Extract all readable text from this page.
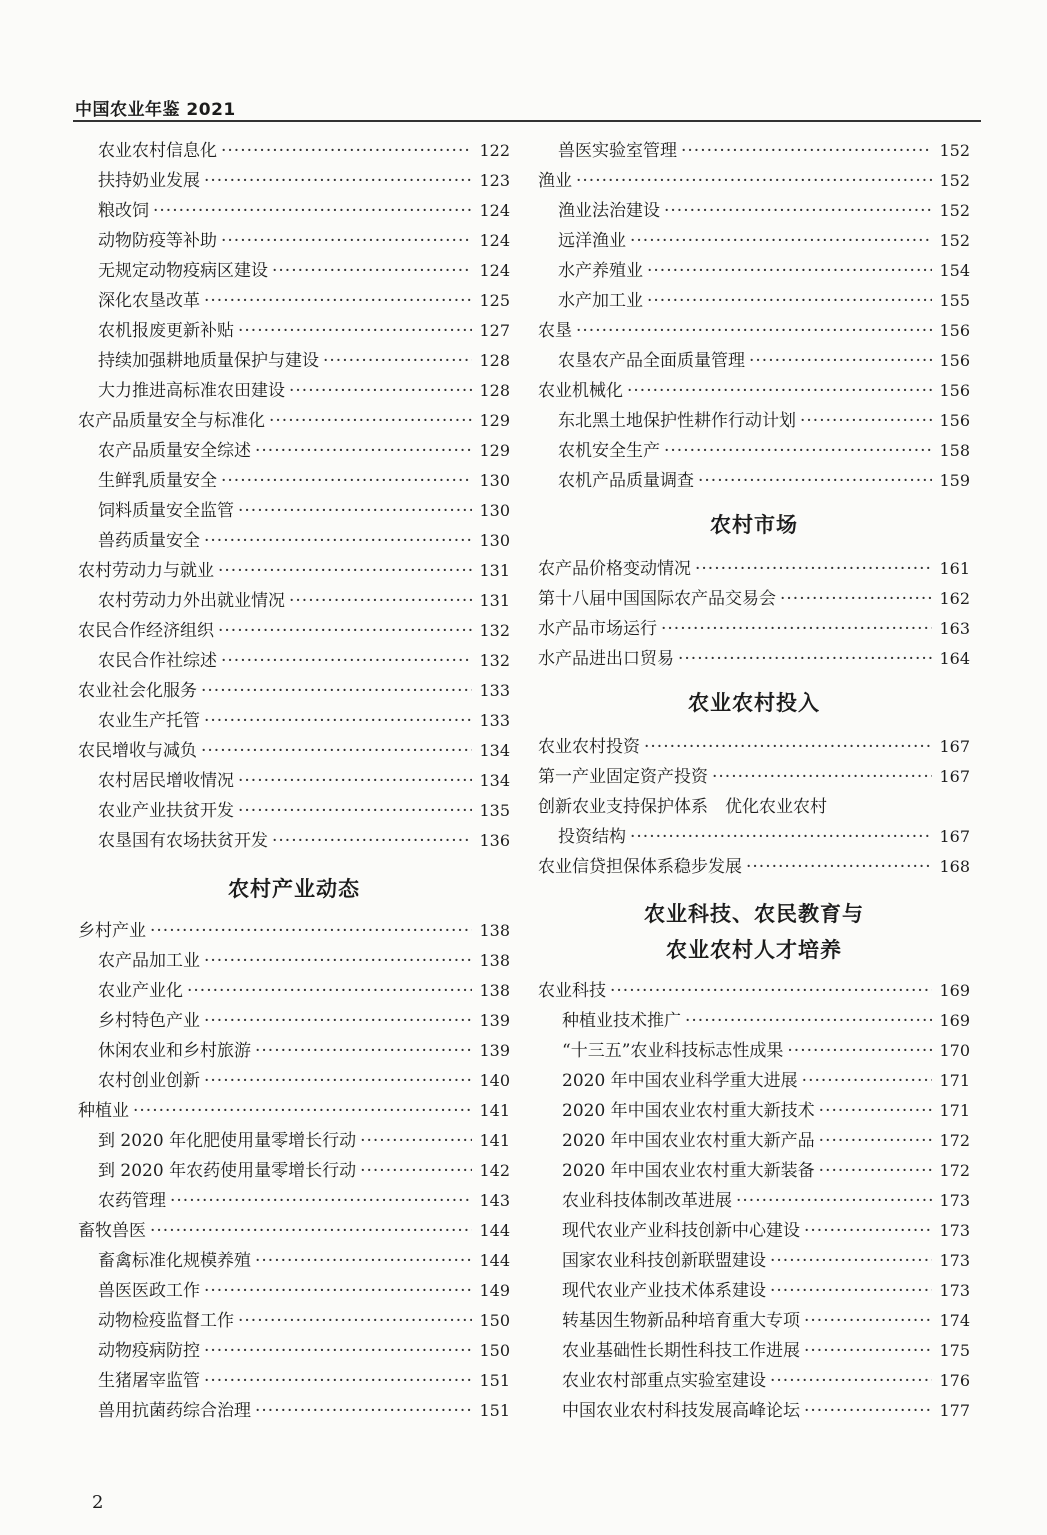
中国农业年鉴 2021
农业农村信息化 ·····	122
扶持奶业发展 ·····	123
粮改饲 ·····	124
动物防疫等补助 ·····	124
无规定动物疫病区建设 ·····	124
深化农垦改革 ·····	125
农机报废更新补贴 ·····	127
持续加强耕地质量保护与建设 ·····	128
大力推进高标准农田建设 ·····	128
农产品质量安全与标准化 ·····	129
农产品质量安全综述 ·····	129
生鲜乳质量安全 ·····	130
饲料质量安全监管 ·····	130
兽药质量安全 ·····	130
农村劳动力与就业 ·····	131
农村劳动力外出就业情况 ·····	131
农民合作经济组织 ·····	132
农民合作社综述 ·····	132
农业社会化服务 ·····	133
农业生产托管 ·····	133
农民增收与减负 ·····	134
农村居民增收情况 ·····	134
农业产业扶贫开发 ·····	135
农垦国有农场扶贫开发 ·····	136
农村产业动态
乡村产业 ·····	138
农产品加工业 ·····	138
农业产业化 ·····	138
乡村特色产业 ·····	139
休闲农业和乡村旅游 ·····	139
农村创业创新 ·····	140
种植业 ·····	141
到 2020 年化肥使用量零增长行动 ·····	141
到 2020 年农药使用量零增长行动 ·····	142
农药管理 ·····	143
畜牧兽医 ·····	144
畜禽标准化规模养殖 ·····	144
兽医医政工作 ·····	149
动物检疫监督工作 ·····	150
动物疫病防控 ·····	150
生猪屠宰监管 ·····	151
兽用抗菌药综合治理 ·····	151
兽医实验室管理 ·····	152
渔业 ·····	152
渔业法治建设 ·····	152
远洋渔业 ·····	152
水产养殖业 ·····	154
水产加工业 ·····	155
农垦 ·····	156
农垦农产品全面质量管理 ·····	156
农业机械化 ·····	156
东北黑土地保护性耕作行动计划 ·····	156
农机安全生产 ·····	158
农机产品质量调查 ·····	159
农村市场
农产品价格变动情况 ·····	161
第十八届中国国际农产品交易会 ·····	162
水产品市场运行 ·····	163
水产品进出口贸易 ·····	164
农业农村投入
农业农村投资 ·····	167
第一产业固定资产投资 ·····	167
创新农业支持保护体系　优化农业农村
投资结构 ·····	167
农业信贷担保体系稳步发展 ·····	168
农业科技、农民教育与
农业农村人才培养
农业科技 ·····	169
种植业技术推广 ·····	169
“十三五”农业科技标志性成果 ·····	170
2020 年中国农业科学重大进展 ·····	171
2020 年中国农业农村重大新技术 ·····	171
2020 年中国农业农村重大新产品 ·····	172
2020 年中国农业农村重大新装备 ·····	172
农业科技体制改革进展 ·····	173
现代农业产业科技创新中心建设 ·····	173
国家农业科技创新联盟建设 ·····	173
现代农业产业技术体系建设 ·····	173
转基因生物新品种培育重大专项 ·····	174
农业基础性长期性科技工作进展 ·····	175
农业农村部重点实验室建设 ·····	176
中国农业农村科技发展高峰论坛 ·····	177
2
